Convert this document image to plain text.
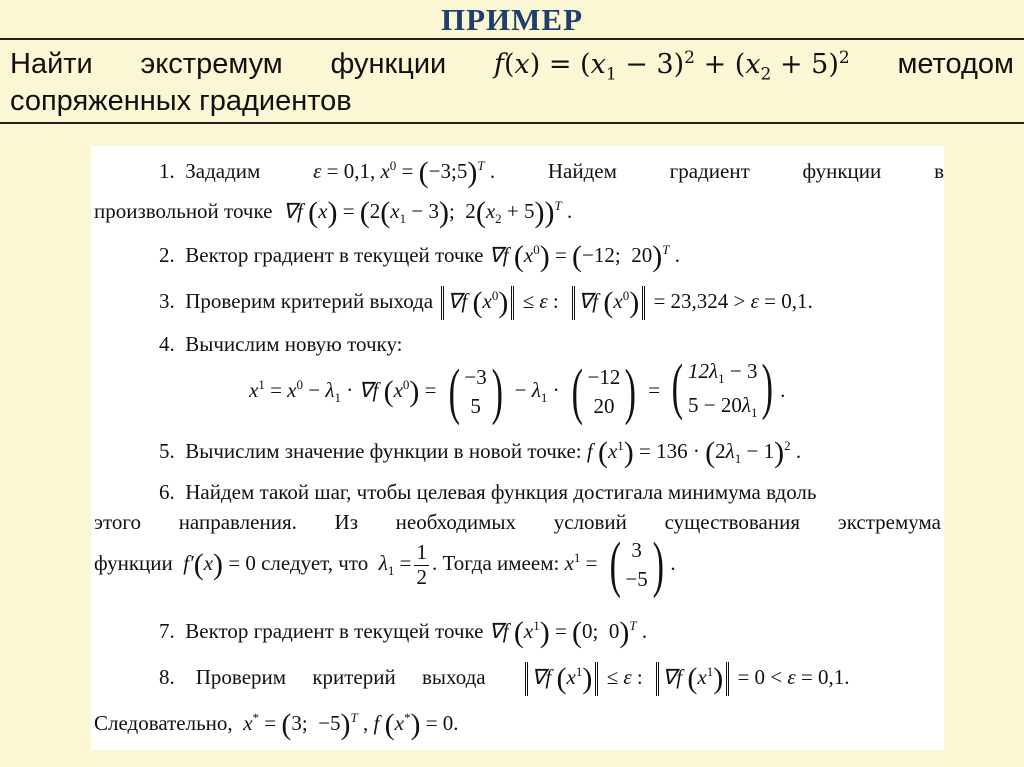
ПРИМЕР
Найти экстремум функции $f(x) = (x_1 - 3)^2 + (x_2 + 5)^2$ методом
сопряженных градиентов
1. Зададим	ε = 0,1, $x^0$ = (−3;5)$^T$ .	Найдем	градиент	функции	в
произвольной точке  ∇f $(x) = (2(x_1 - 3)$;  $2(x_2 + 5))^T$ .
2. Вектор градиент в текущей точке ∇f $(x^0) = (-12$;  20)$^T$ .
3. Проверим критерий выхода ∇f $(x^0) \le \varepsilon$ :  ∇f $(x^0) = 23,324 > \varepsilon = 0,1$.
4. Вычислим новую точку:
$x^1 = x^0 - \lambda_1 \cdot \nabla f$ $(x^0)$ = ( −3
5 ) − $\lambda_1$ · ( −12
20 ) = ( $12\lambda_1 - 3$
$5 - 20\lambda_1$ ) .
5. Вычислим значение функции в новой точке: f $(x^1) = 136 \cdot (2\lambda_1 - 1)^2$ .
6. Найдем такой шаг, чтобы целевая функция достигала минимума вдоль
этого направления. Из необходимых условий существования экстремума
функции  f′(x) = 0 следует, что  $\lambda_1 = \frac{1}{2}$ . Тогда имеем: $x^1$ = ( 3
−5 ) .
7. Вектор градиент в текущей точке ∇f $(x^1) = (0$;  0)$^T$ .
8. Проверим критерий выхода ∇f $(x^1) \le \varepsilon$ :  ∇f $(x^1) = 0 < \varepsilon = 0,1$.
Следовательно,  x* = (3;  −5)$^T$ , f (x*) = 0.
